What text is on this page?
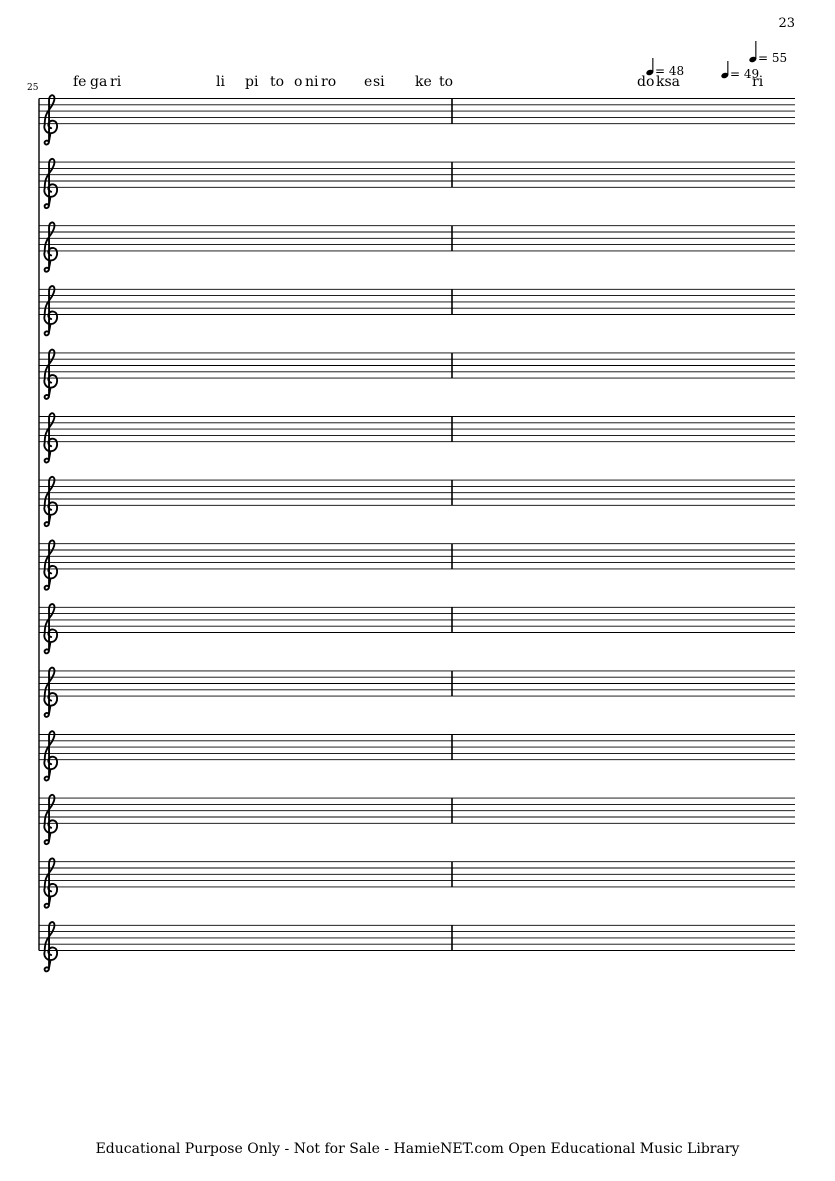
23
25
= 48	= 49
= 55
fe ga ri	li pi to o ni ro e si ke to	do ksa	ri
Educational Purpose Only - Not for Sale - HamieNET.com Open Educational Music Library
